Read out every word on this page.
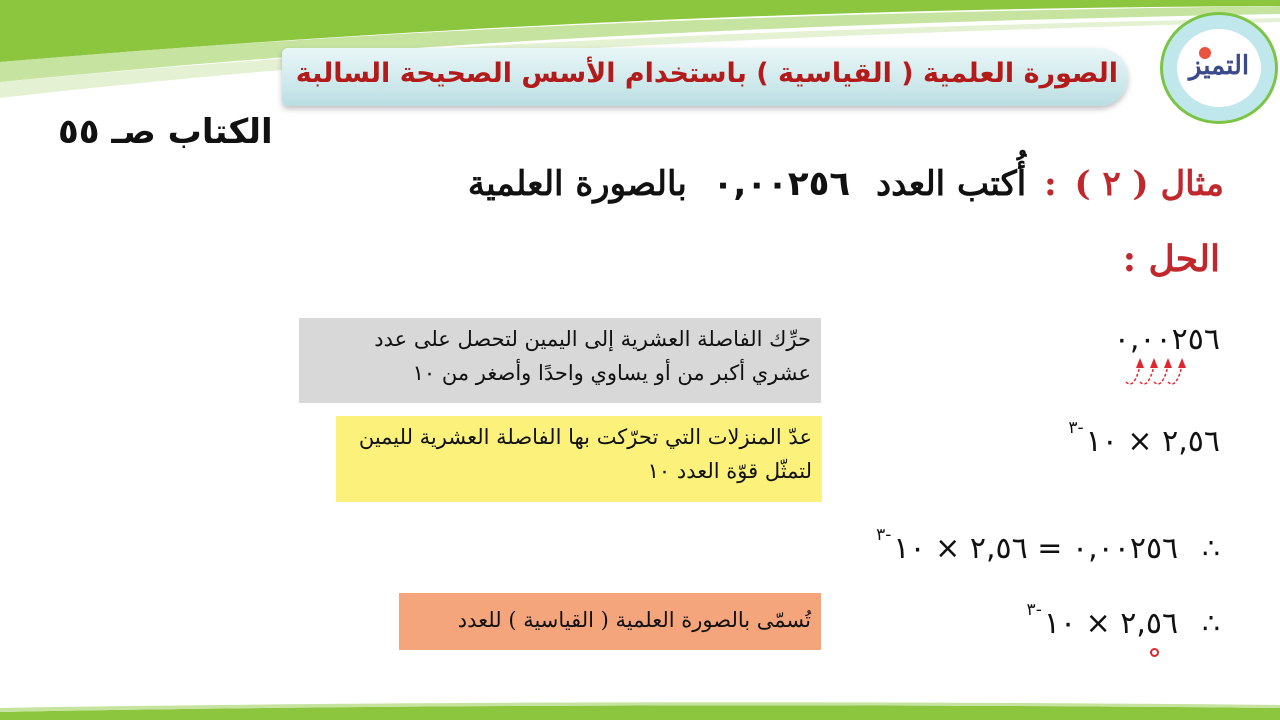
التميز
الصورة العلمية ( القياسية ) باستخدام الأسس الصحيحة السالبة
الكتاب صـ ٥٥
مثال ( ٢ ) : أُكتب العدد ٠,٠٠٢٥٦ بالصورة العلمية
الحل :
٠,٠٠٢٥٦
حرِّك الفاصلة العشرية إلى اليمين لتحصل على عدد عشري أكبر من أو يساوي واحدًا وأصغر من ١٠
٢,٥٦ × $١٠^{-٣}$
عدّ المنزلات التي تحرّكت بها الفاصلة العشرية لليمين لتمثّل قوّة العدد ١٠
∴٠,٠٠٢٥٦ = ٢,٥٦ × $١٠^{-٣}$
∴٢,٥٦ × $١٠^{-٣}$
تُسمّى بالصورة العلمية ( القياسية ) للعدد
